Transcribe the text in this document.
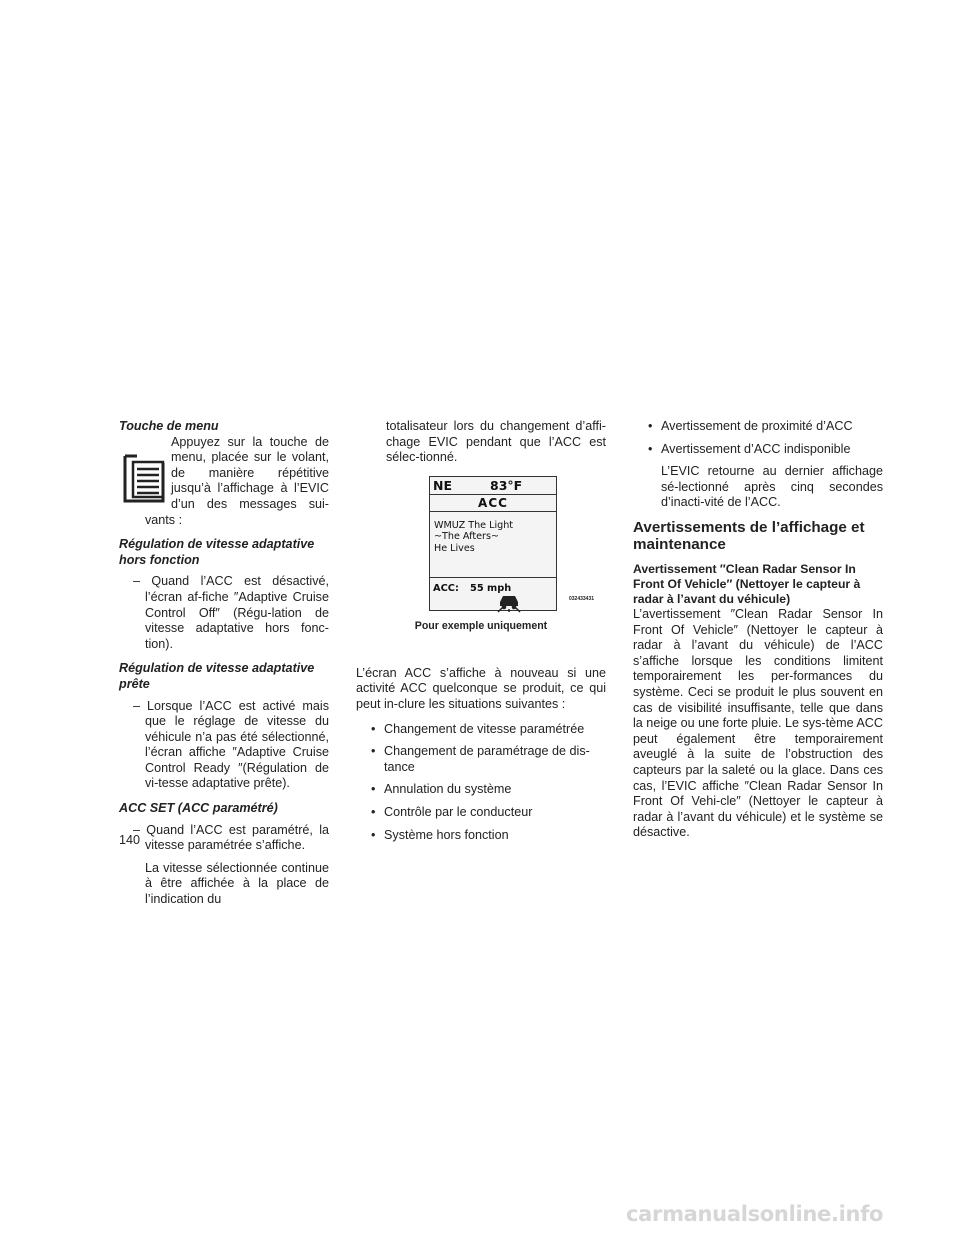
Touche de menu

Appuyez sur la touche de menu, placée sur le volant, de manière répétitive jusqu’à l’affichage à l’EVIC d’un des messages sui-vants :

Régulation de vitesse adaptative hors fonction

– Quand l’ACC est désactivé, l’écran af-fiche ″Adaptive Cruise Control Off″ (Régu-lation de vitesse adaptative hors fonc-tion).

Régulation de vitesse adaptative prête

– Lorsque l’ACC est activé mais que le réglage de vitesse du véhicule n’a pas été sélectionné, l’écran affiche ″Adaptive Cruise Control Ready ″(Régulation de vi-tesse adaptative prête).

ACC SET (ACC paramétré)

– Quand l’ACC est paramétré, la vitesse paramétrée s’affiche.

La vitesse sélectionnée continue à être affichée à la place de l’indication du

totalisateur lors du changement d’affi-chage EVIC pendant que l’ACC est sélec-tionné.

NE	83°F
ACC
WMUZ The Light
~The Afters~
He Lives
ACC: 55 mph
032433431
Pour exemple uniquement

L’écran ACC s’affiche à nouveau si une activité ACC quelconque se produit, ce qui peut in-clure les situations suivantes :

• Changement de vitesse paramétrée
• Changement de paramétrage de dis-tance
• Annulation du système
• Contrôle par le conducteur
• Système hors fonction
• Avertissement de proximité d’ACC
• Avertissement d’ACC indisponible

L’EVIC retourne au dernier affichage sé-lectionné après cinq secondes d’inacti-vité de l’ACC.

Avertissements de l’affichage et maintenance

Avertissement ″Clean Radar Sensor In Front Of Vehicle″ (Nettoyer le capteur à radar à l’avant du véhicule)

L’avertissement ″Clean Radar Sensor In Front Of Vehicle″ (Nettoyer le capteur à radar à l’avant du véhicule) de l’ACC s’affiche lorsque les conditions limitent temporairement les per-formances du système. Ceci se produit le plus souvent en cas de visibilité insuffisante, telle que dans la neige ou une forte pluie. Le sys-tème ACC peut également être temporairement aveuglé à la suite de l’obstruction des capteurs par la saleté ou la glace. Dans ces cas, l’EVIC affiche ″Clean Radar Sensor In Front Of Vehi-cle″ (Nettoyer le capteur à radar à l’avant du véhicule) et le système se désactive.

140
carmanualsonline.info
